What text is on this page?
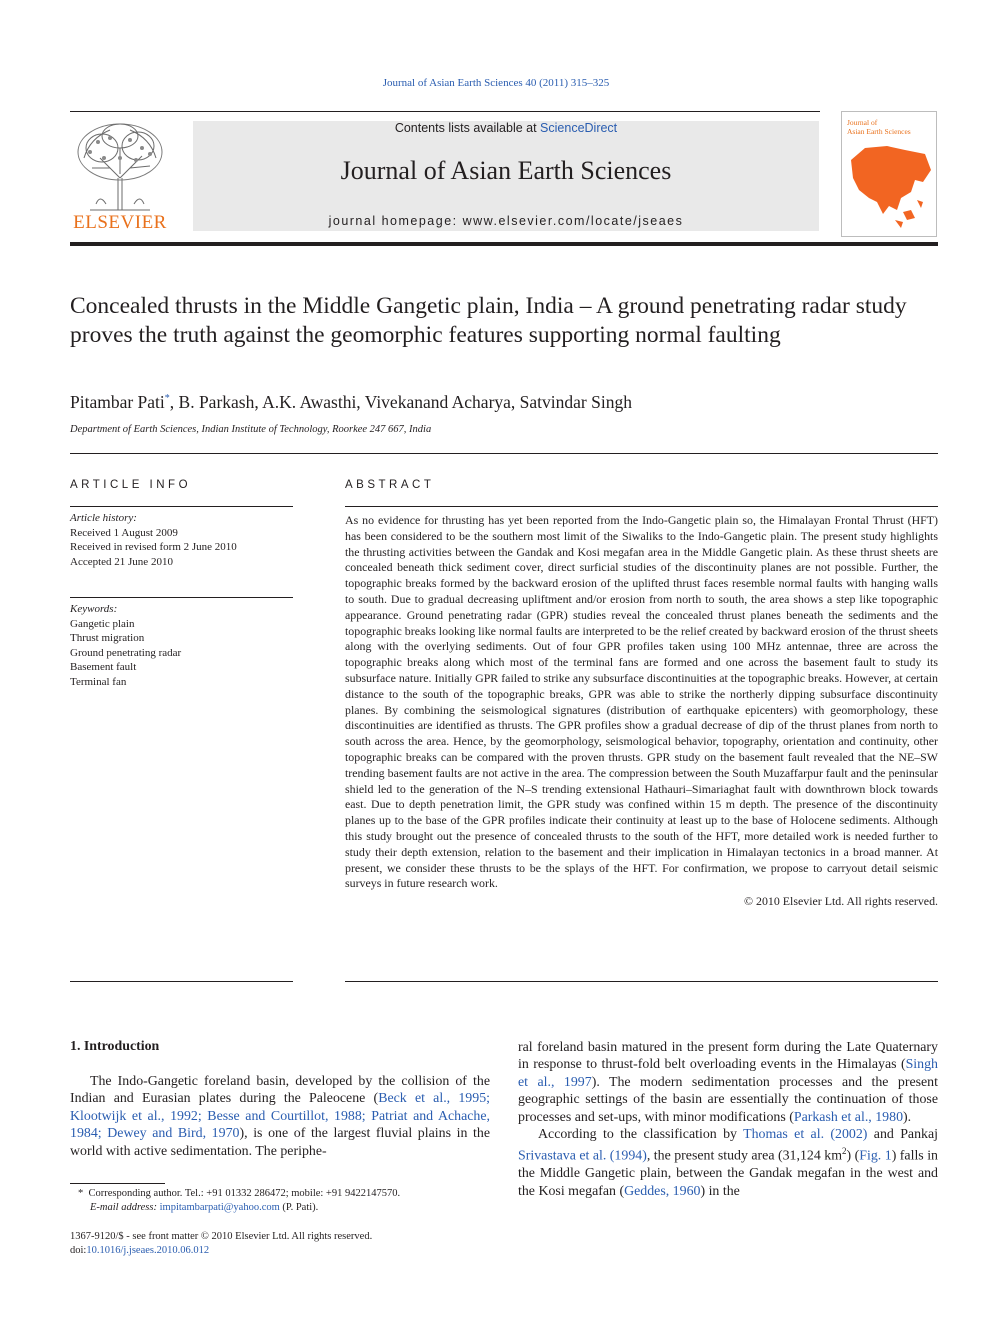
Journal of Asian Earth Sciences 40 (2011) 315–325
ELSEVIER
Contents lists available at ScienceDirect
Journal of Asian Earth Sciences
journal homepage: www.elsevier.com/locate/jseaes
Journal of
Asian Earth Sciences
Concealed thrusts in the Middle Gangetic plain, India – A ground penetrating radar study proves the truth against the geomorphic features supporting normal faulting
Pitambar Pati*, B. Parkash, A.K. Awasthi, Vivekanand Acharya, Satvindar Singh
Department of Earth Sciences, Indian Institute of Technology, Roorkee 247 667, India
ARTICLE INFO
Article history:
Received 1 August 2009
Received in revised form 2 June 2010
Accepted 21 June 2010
Keywords:
Gangetic plain
Thrust migration
Ground penetrating radar
Basement fault
Terminal fan
ABSTRACT
As no evidence for thrusting has yet been reported from the Indo-Gangetic plain so, the Himalayan Frontal Thrust (HFT) has been considered to be the southern most limit of the Siwaliks to the Indo-Gangetic plain. The present study highlights the thrusting activities between the Gandak and Kosi megafan area in the Middle Gangetic plain. As these thrust sheets are concealed beneath thick sediment cover, direct surficial studies of the discontinuity planes are not possible. Further, the topographic breaks formed by the backward erosion of the uplifted thrust faces resemble normal faults with hanging walls to south. Due to gradual decreasing upliftment and/or erosion from north to south, the area shows a step like topographic appearance. Ground penetrating radar (GPR) studies reveal the concealed thrust planes beneath the sediments and the topographic breaks looking like normal faults are interpreted to be the relief created by backward erosion of the thrust sheets along with the overlying sediments. Out of four GPR profiles taken using 100 MHz antennae, three are across the topographic breaks along which most of the terminal fans are formed and one across the basement fault to study its subsurface nature. Initially GPR failed to strike any subsurface discontinuities at the topographic breaks. However, at certain distance to the south of the topographic breaks, GPR was able to strike the northerly dipping subsurface discontinuity planes. By combining the seismological signatures (distribution of earthquake epicenters) with geomorphology, these discontinuities are identified as thrusts. The GPR profiles show a gradual decrease of dip of the thrust planes from north to south across the area. Hence, by the geomorphology, seismological behavior, topography, orientation and continuity, other topographic breaks can be compared with the proven thrusts. GPR study on the basement fault revealed that the NE–SW trending basement faults are not active in the area. The compression between the South Muzaffarpur fault and the peninsular shield led to the generation of the N–S trending extensional Hathauri–Simariaghat fault with downthrown block towards east. Due to depth penetration limit, the GPR study was confined within 15 m depth. The presence of the discontinuity planes up to the base of the GPR profiles indicate their continuity at least up to the base of Holocene sediments. Although this study brought out the presence of concealed thrusts to the south of the HFT, more detailed work is needed further to study their depth extension, relation to the basement and their implication in Himalayan tectonics in a broad manner. At present, we consider these thrusts to be the splays of the HFT. For confirmation, we propose to carryout detail seismic surveys in future research work.
© 2010 Elsevier Ltd. All rights reserved.
1. Introduction
The Indo-Gangetic foreland basin, developed by the collision of the Indian and Eurasian plates during the Paleocene (Beck et al., 1995; Klootwijk et al., 1992; Besse and Courtillot, 1988; Patriat and Achache, 1984; Dewey and Bird, 1970), is one of the largest fluvial plains in the world with active sedimentation. The periphe-
ral foreland basin matured in the present form during the Late Quaternary in response to thrust-fold belt overloading events in the Himalayas (Singh et al., 1997). The modern sedimentation processes and the present geographic settings of the basin are essentially the continuation of those processes and set-ups, with minor modifications (Parkash et al., 1980).
According to the classification by Thomas et al. (2002) and Pankaj Srivastava et al. (1994), the present study area (31,124 $km^2$) (Fig. 1) falls in the Middle Gangetic plain, between the Gandak megafan in the west and the Kosi megafan (Geddes, 1960) in the
* Corresponding author. Tel.: +91 01332 286472; mobile: +91 9422147570.
E-mail address: impitambarpati@yahoo.com (P. Pati).
1367-9120/$ - see front matter © 2010 Elsevier Ltd. All rights reserved.
doi:10.1016/j.jseaes.2010.06.012
